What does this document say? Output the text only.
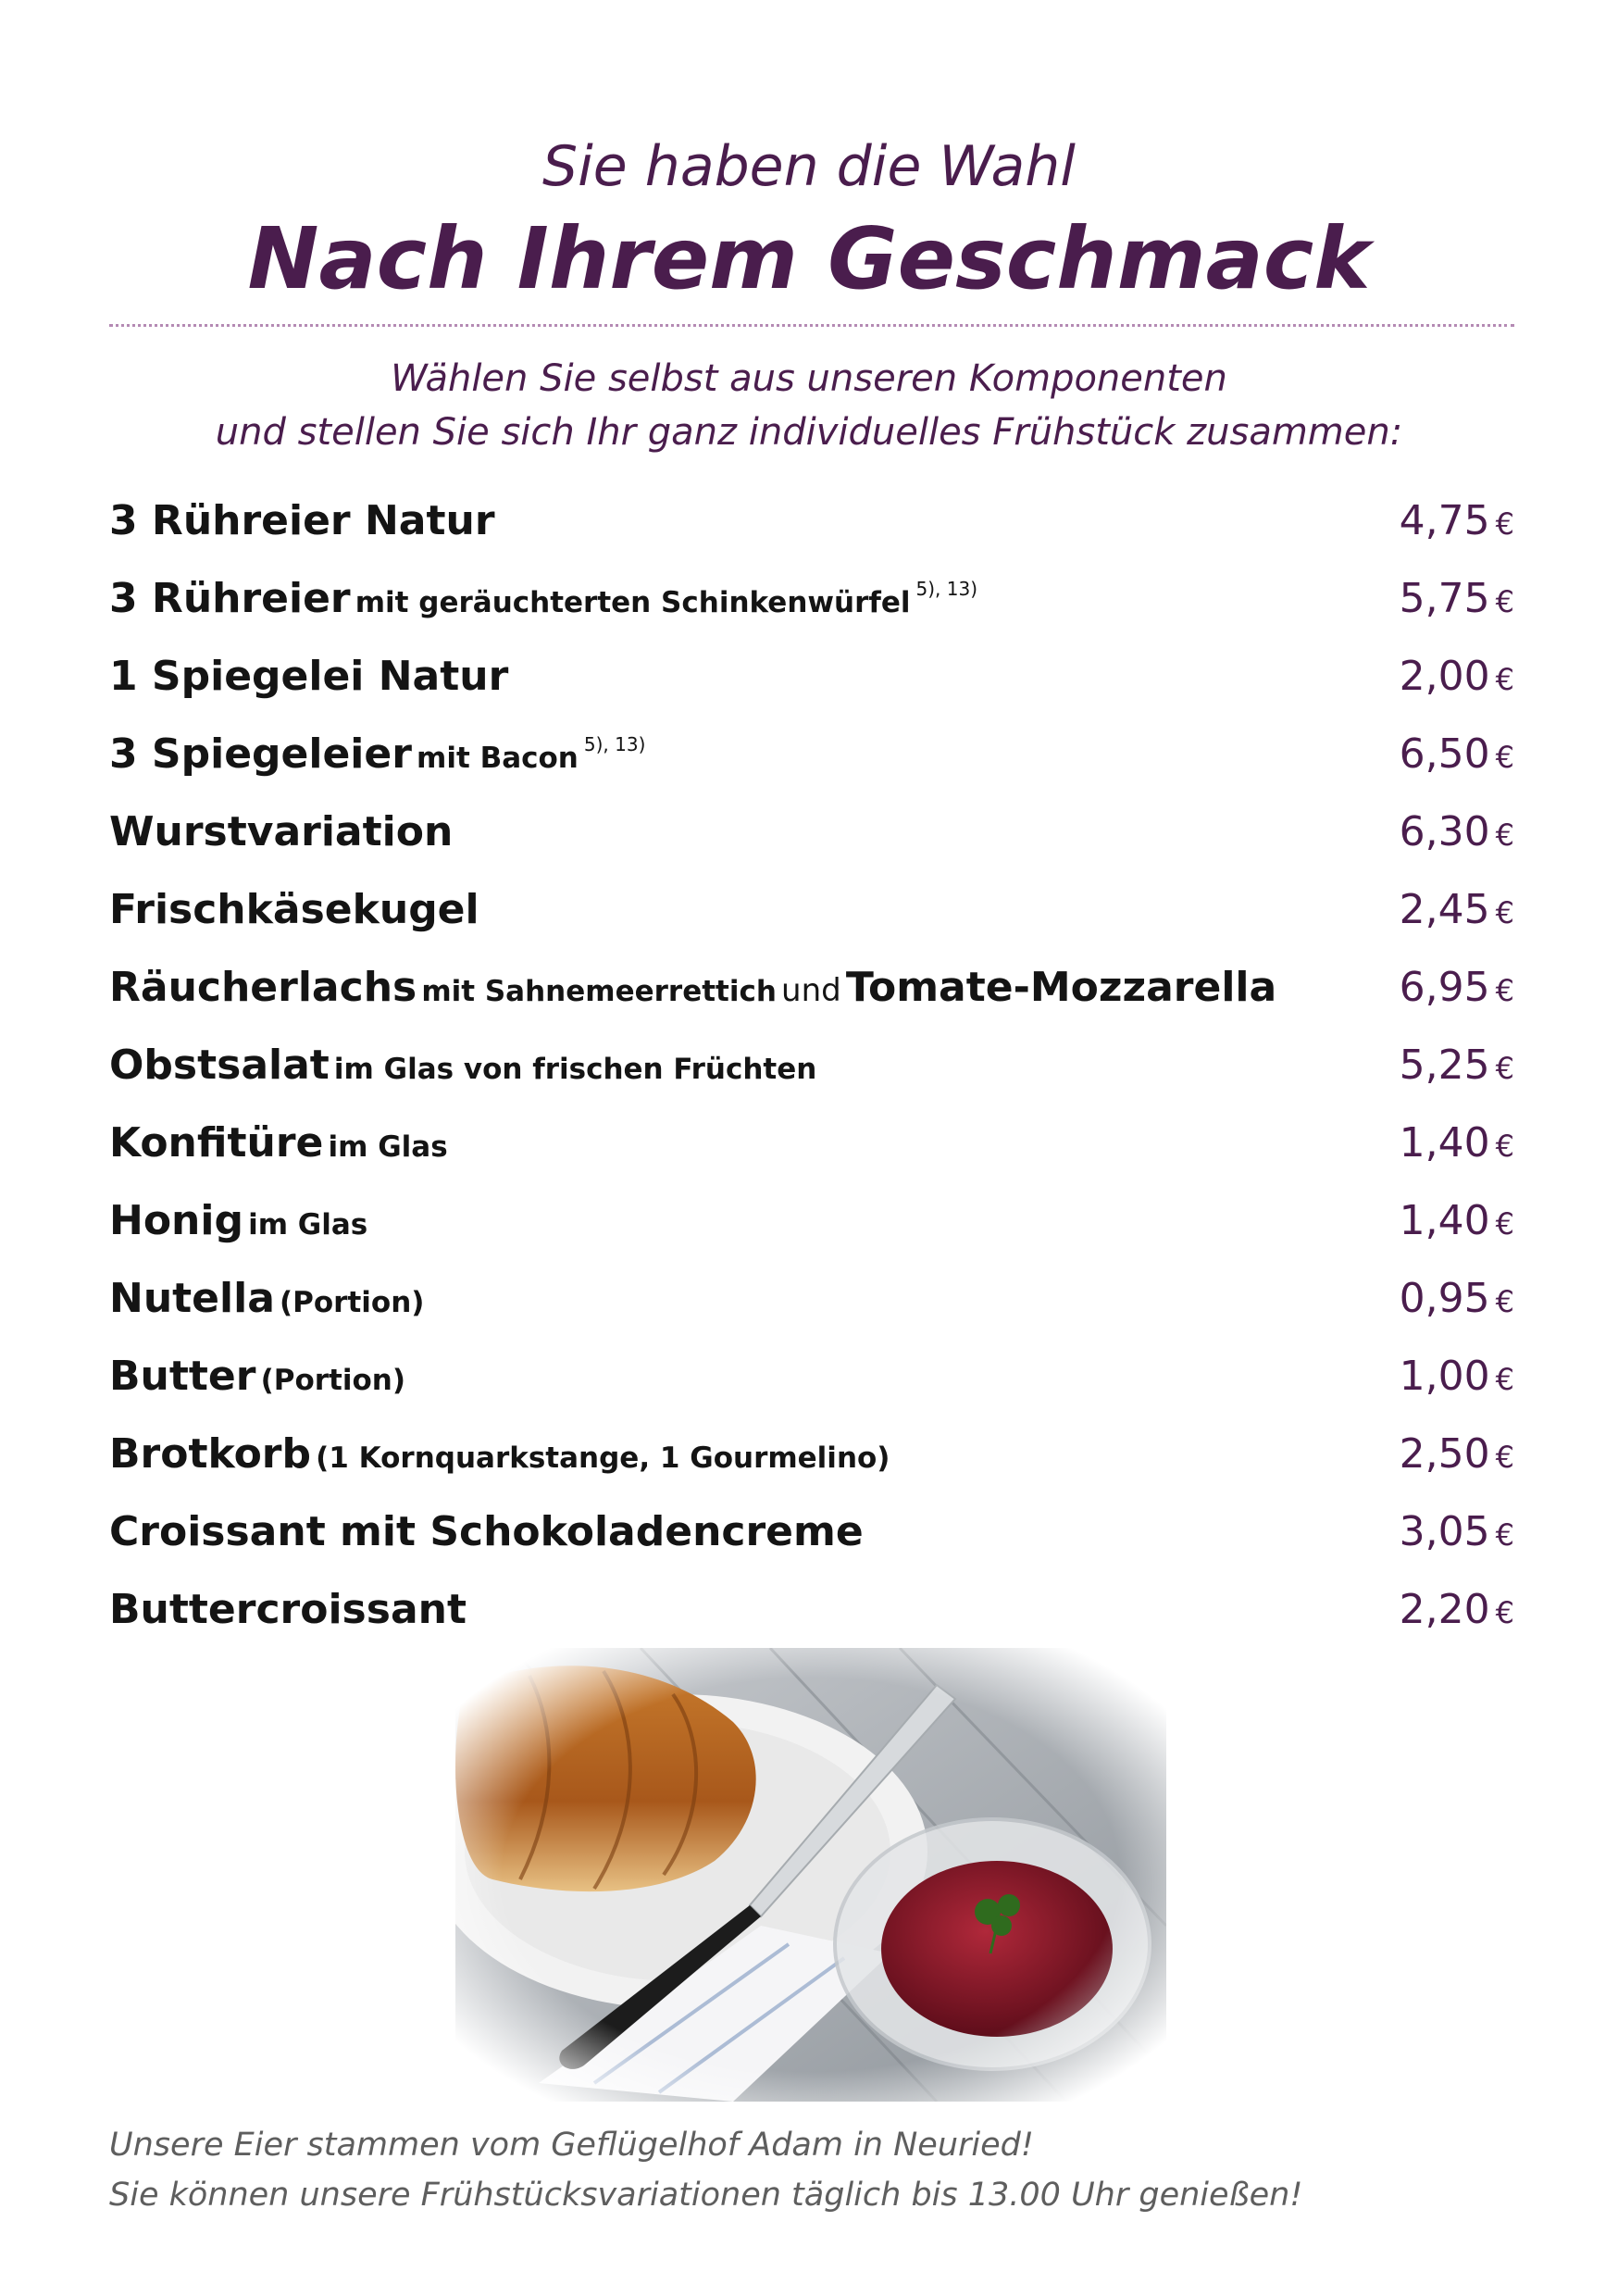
Sie haben die Wahl
Nach Ihrem Geschmack
Wählen Sie selbst aus unseren Komponenten
und stellen Sie sich Ihr ganz individuelles Frühstück zusammen:
3 Rühreier Natur	4,75 €
3 Rühreier mit geräuchterten Schinkenwürfel $^{5), 13)}$	5,75 €
1 Spiegelei Natur	2,00 €
3 Spiegeleier mit Bacon $^{5), 13)}$	6,50 €
Wurstvariation	6,30 €
Frischkäsekugel	2,45 €
Räucherlachs mit Sahnemeerrettich und Tomate-Mozzarella	6,95 €
Obstsalat im Glas von frischen Früchten	5,25 €
Konfitüre im Glas	1,40 €
Honig im Glas	1,40 €
Nutella (Portion)	0,95 €
Butter (Portion)	1,00 €
Brotkorb (1 Kornquarkstange, 1 Gourmelino)	2,50 €
Croissant mit Schokoladencreme	3,05 €
Buttercroissant	2,20 €
Unsere Eier stammen vom Geflügelhof Adam in Neuried!
Sie können unsere Frühstücksvariationen täglich bis 13.00 Uhr genießen!
